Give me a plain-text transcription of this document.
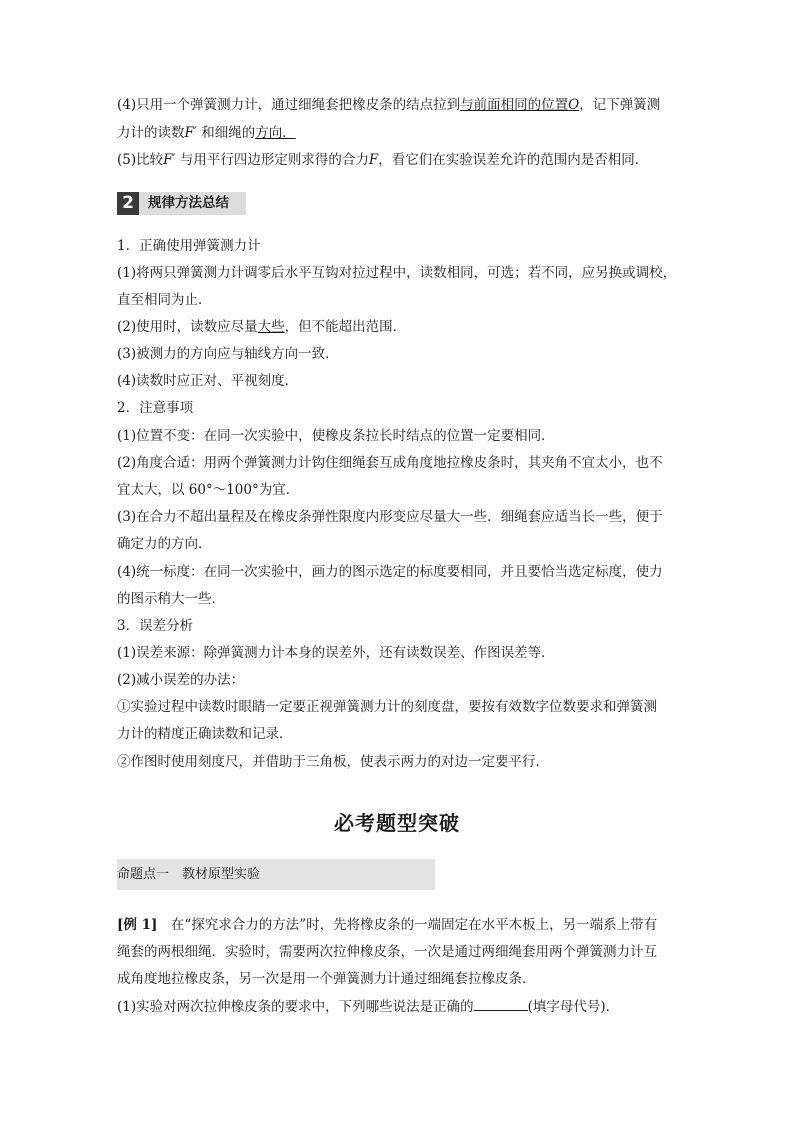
(4)只用一个弹簧测力计，通过细绳套把橡皮条的结点拉到与前面相同的位置O，记下弹簧测
力计的读数F′ 和细绳的方向．
(5)比较F′ 与用平行四边形定则求得的合力F，看它们在实验误差允许的范围内是否相同．
2	规律方法总结
1．正确使用弹簧测力计
(1)将两只弹簧测力计调零后水平互钩对拉过程中，读数相同，可选；若不同，应另换或调校，
直至相同为止．
(2)使用时，读数应尽量大些，但不能超出范围．
(3)被测力的方向应与轴线方向一致．
(4)读数时应正对、平视刻度．
2．注意事项
(1)位置不变：在同一次实验中，使橡皮条拉长时结点的位置一定要相同．
(2)角度合适：用两个弹簧测力计钩住细绳套互成角度地拉橡皮条时，其夹角不宜太小，也不
宜太大，以 60°～100°为宜．
(3)在合力不超出量程及在橡皮条弹性限度内形变应尽量大一些．细绳套应适当长一些，便于
确定力的方向．
(4)统一标度：在同一次实验中，画力的图示选定的标度要相同，并且要恰当选定标度，使力
的图示稍大一些．
3．误差分析
(1)误差来源：除弹簧测力计本身的误差外，还有读数误差、作图误差等．
(2)减小误差的办法：
①实验过程中读数时眼睛一定要正视弹簧测力计的刻度盘，要按有效数字位数要求和弹簧测
力计的精度正确读数和记录．
②作图时使用刻度尺，并借助于三角板，使表示两力的对边一定要平行．
必考题型突破
命题点一　教材原型实验
[例 1]　在“探究求合力的方法”时，先将橡皮条的一端固定在水平木板上，另一端系上带有
绳套的两根细绳．实验时，需要两次拉伸橡皮条，一次是通过两细绳套用两个弹簧测力计互
成角度地拉橡皮条，另一次是用一个弹簧测力计通过细绳套拉橡皮条．
(1)实验对两次拉伸橡皮条的要求中，下列哪些说法是正确的	(填字母代号)．
